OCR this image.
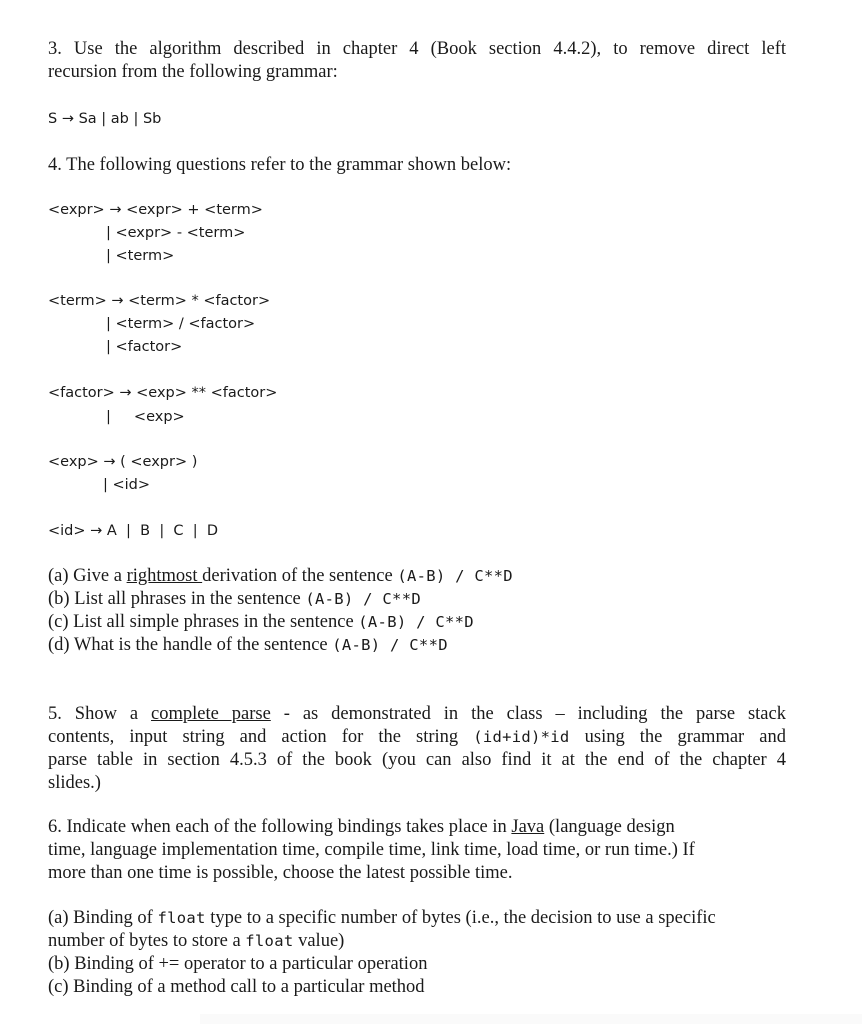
3. Use the algorithm described in chapter 4 (Book section 4.4.2), to remove direct left
recursion from the following grammar:
S → Sa | ab | Sb
4. The following questions refer to the grammar shown below:
<expr> → <expr> + <term>
| <expr> - <term>
| <term>
<term> → <term> * <factor>
| <term> / <factor>
| <factor>
<factor> → <exp> ** <factor>
|     <exp>
<exp> → ( <expr> )
| <id>
<id> → A  |  B  |  C  |  D
(a) Give a rightmost derivation of the sentence (A-B) / C**D
(b) List all phrases in the sentence (A-B) / C**D
(c) List all simple phrases in the sentence (A-B) / C**D
(d) What is the handle of the sentence (A-B) / C**D
5. Show a complete parse - as demonstrated in the class – including the parse stack
contents, input string and action for the string (id+id)*id using the grammar and
parse table in section 4.5.3 of the book (you can also find it at the end of the chapter 4
slides.)
6. Indicate when each of the following bindings takes place in Java (language design
time, language implementation time, compile time, link time, load time, or run time.) If
more than one time is possible, choose the latest possible time.
(a) Binding of float type to a specific number of bytes (i.e., the decision to use a specific
number of bytes to store a float value)
(b) Binding of += operator to a particular operation
(c) Binding of a method call to a particular method
